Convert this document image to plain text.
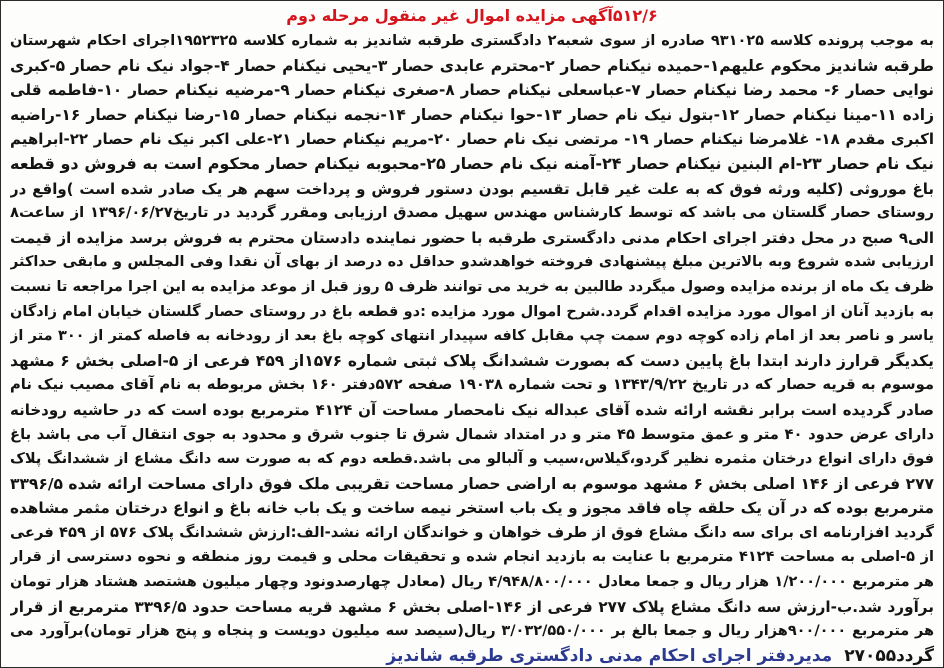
۵۱۲/۶آگهی مزایده اموال غیر منقول مرحله دوم
به موجب پرونده کلاسه ۹۳۱۰۲۵ صادره از سوی شعبه۲ دادگستری طرقبه شاندیز به شماره کلاسه ۱۹۵۲۳۲۵اجرای احکام شهرستان
طرقبه شاندیز محکوم علیهم۱-حمیده نیکنام حصار ۲-محترم عابدی حصار ۳-یحیی نیکنام حصار ۴-جواد نیک نام حصار ۵-کبری
نوایی حصار ۶- محمد رضا نیکنام حصار ۷-عباسعلی نیکنام حصار ۸-صغری نیکنام حصار ۹-مرضیه نیکنام حصار ۱۰-فاطمه قلی
زاده ۱۱-مینا نیکنام حصار ۱۲-بتول نیک نام حصار ۱۳-حوا نیکنام حصار ۱۴-نجمه نیکنام حصار ۱۵-رضا نیکنام حصار ۱۶-راضیه
اکبری مقدم ۱۸- غلامرضا نیکنام حصار ۱۹- مرتضی نیک نام حصار ۲۰-مریم نیکنام حصار ۲۱-علی اکبر نیک نام حصار ۲۲-ابراهیم
نیک نام حصار ۲۳-ام البنین نیکنام حصار ۲۴-آمنه نیک نام حصار ۲۵-محبوبه نیکنام حصار محکوم است به فروش دو قطعه
باغ موروثی (کلیه ورثه فوق که به علت غیر قابل تقسیم بودن دستور فروش و پرداخت سهم هر یک صادر شده است )واقع در
روستای حصار گلستان می باشد که توسط کارشناس مهندس سهیل مصدق ارزیابی ومقرر گردید در تاریخ۱۳۹۶/۰۶/۲۷ از ساعت۸
الی۹ صبح در محل دفتر اجرای احکام مدنی دادگستری طرقبه با حضور نماینده دادستان محترم به فروش برسد مزایده از قیمت
ارزیابی شده شروع وبه بالاترین مبلغ پیشنهادی فروخته خواهدشدو حداقل ده درصد از بهای آن نقدا وفی المجلس و مابقی حداکثر
ظرف یک ماه از برنده مزایده وصول میگردد طالبین به خرید می توانند ظرف ۵ روز قبل از موعد مزایده به این اجرا مراجعه تا نسبت
به بازدید آنان از اموال مورد مزایده اقدام گردد.شرح اموال مورد مزایده :دو قطعه باغ در روستای حصار گلستان خیابان امام زادگان
یاسر و ناصر بعد از امام زاده کوچه دوم سمت چپ مقابل کافه سپیدار انتهای کوچه باغ بعد از رودخانه به فاصله کمتر از ۳۰۰ متر از
یکدیگر قرارز دارند ابتدا باغ پایین دست که بصورت ششدانگ پلاک ثبتی شماره ۱۵۷۶از ۴۵۹ فرعی از ۵-اصلی بخش ۶ مشهد
موسوم به قریه حصار که در تاریخ ۱۳۴۳/۹/۲۲ و تحت شماره ۱۹۰۳۸ صفحه ۵۷۲دفتر ۱۶۰ بخش مربوطه به نام آقای مصیب نیک نام
صادر گردیده است برابر نقشه ارائه شده آقای عبداله نیک نامحصار مساحت آن ۴۱۲۴ مترمربع بوده است که در حاشیه رودخانه
دارای عرض حدود ۴۰ متر و عمق متوسط ۴۵ متر و در امتداد شمال شرق تا جنوب شرق و محدود به جوی انتقال آب می باشد باغ
فوق دارای انواع درختان مثمره نظیر گردو،گیلاس،سیب و آلبالو می باشد.قطعه دوم که به صورت سه دانگ مشاع از ششدانگ پلاک
۲۷۷ فرعی از ۱۴۶ اصلی بخش ۶ مشهد موسوم به اراضی حصار مساحت تقریبی ملک فوق دارای مساحت ارائه شده ۳۳۹۶/۵
مترمربع بوده که در آن یک حلقه چاه فاقد مجوز و یک باب استخر نیمه ساخت و یک باب خانه باغ و انواع درختان مثمر مشاهده
گردید افزارنامه ای برای سه دانگ مشاع فوق از طرف خواهان و خواندگان ارائه نشد-الف:ارزش ششدانگ پلاک ۵۷۶ از ۴۵۹ فرعی
از ۵-اصلی به مساحت ۴۱۲۴ مترمربع با عنایت به بازدید انجام شده و تحقیقات محلی و قیمت روز منطقه و نحوه دسترسی از قرار
هر مترمربع ۱/۲۰۰/۰۰۰ هزار ریال و جمعا معادل ۴/۹۴۸/۸۰۰/۰۰۰ ریال (معادل چهارصدونود وچهار میلیون هشتصد هشتاد هزار تومان
برآورد شد.ب-ارزش سه دانگ مشاع پلاک ۲۷۷ فرعی از ۱۴۶-اصلی بخش ۶ مشهد قریه مساحت حدود ۳۳۹۶/۵ مترمربع از قرار
هر مترمربع ۹۰۰/۰۰۰هزار ریال و جمعا بالغ بر ۳/۰۳۲/۵۵۰/۰۰۰ ریال(سیصد سه میلیون دویست و پنجاه و پنج هزار تومان)برآورد می
گردد۲۷۰۵۵مدیردفتر اجرای احکام مدنی دادگستری طرقبه شاندیز
